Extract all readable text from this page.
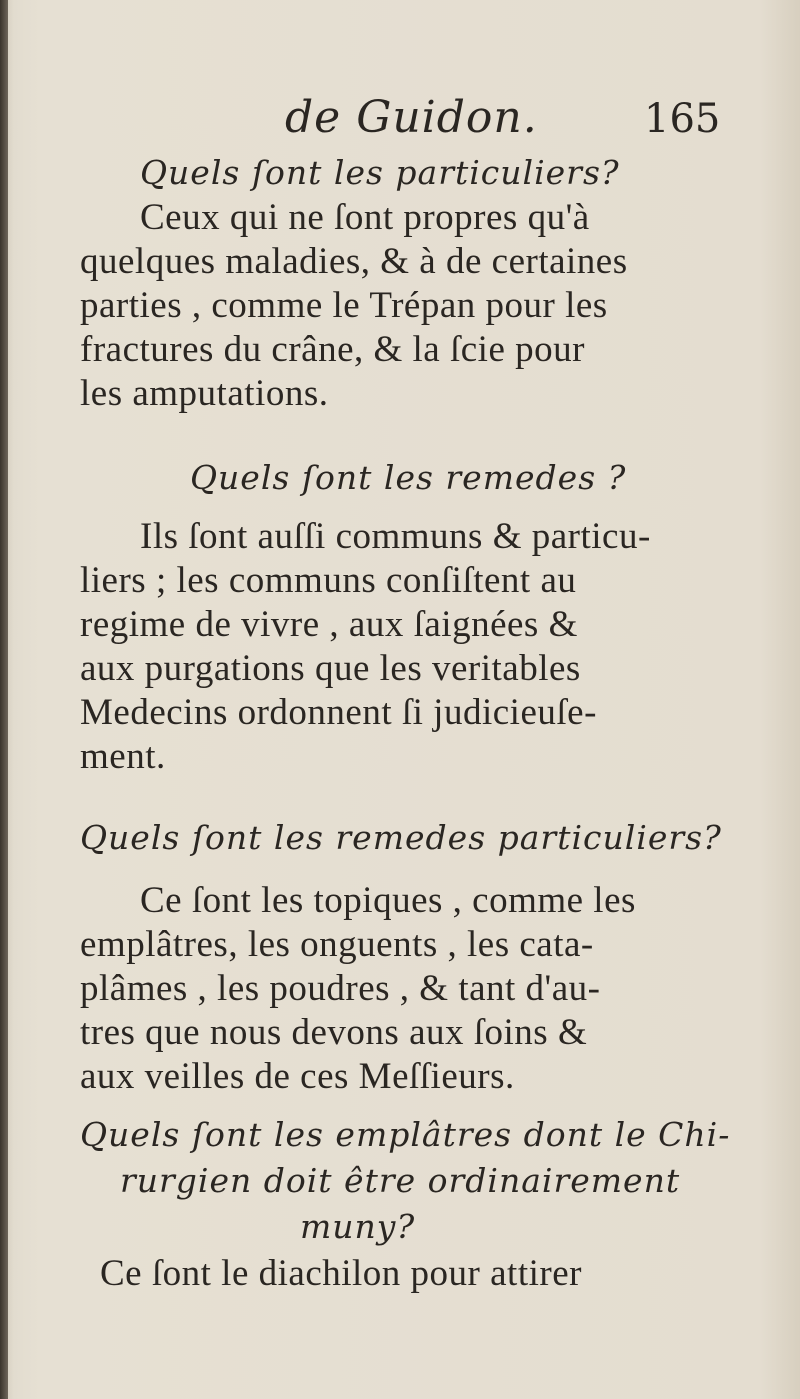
de Guidon.	165
Quels ſont les particuliers?
Ceux qui ne ſont propres qu'à
quelques maladies, & à de certaines
parties , comme le Trépan pour les
fractures du crâne, & la ſcie pour
les amputations.
Quels ſont les remedes ?
Ils ſont auſſi communs & particu-
liers ; les communs conſiſtent au
regime de vivre , aux ſaignées &
aux purgations que les veritables
Medecins ordonnent ſi judicieuſe-
ment.
Quels ſont les remedes particuliers?
Ce ſont les topiques , comme les
emplâtres, les onguents , les cata-
plâmes , les poudres , & tant d'au-
tres que nous devons aux ſoins &
aux veilles de ces Meſſieurs.
Quels ſont les emplâtres dont le Chi-
rurgien doit être ordinairement
muny?
Ce ſont le diachilon pour attirer
